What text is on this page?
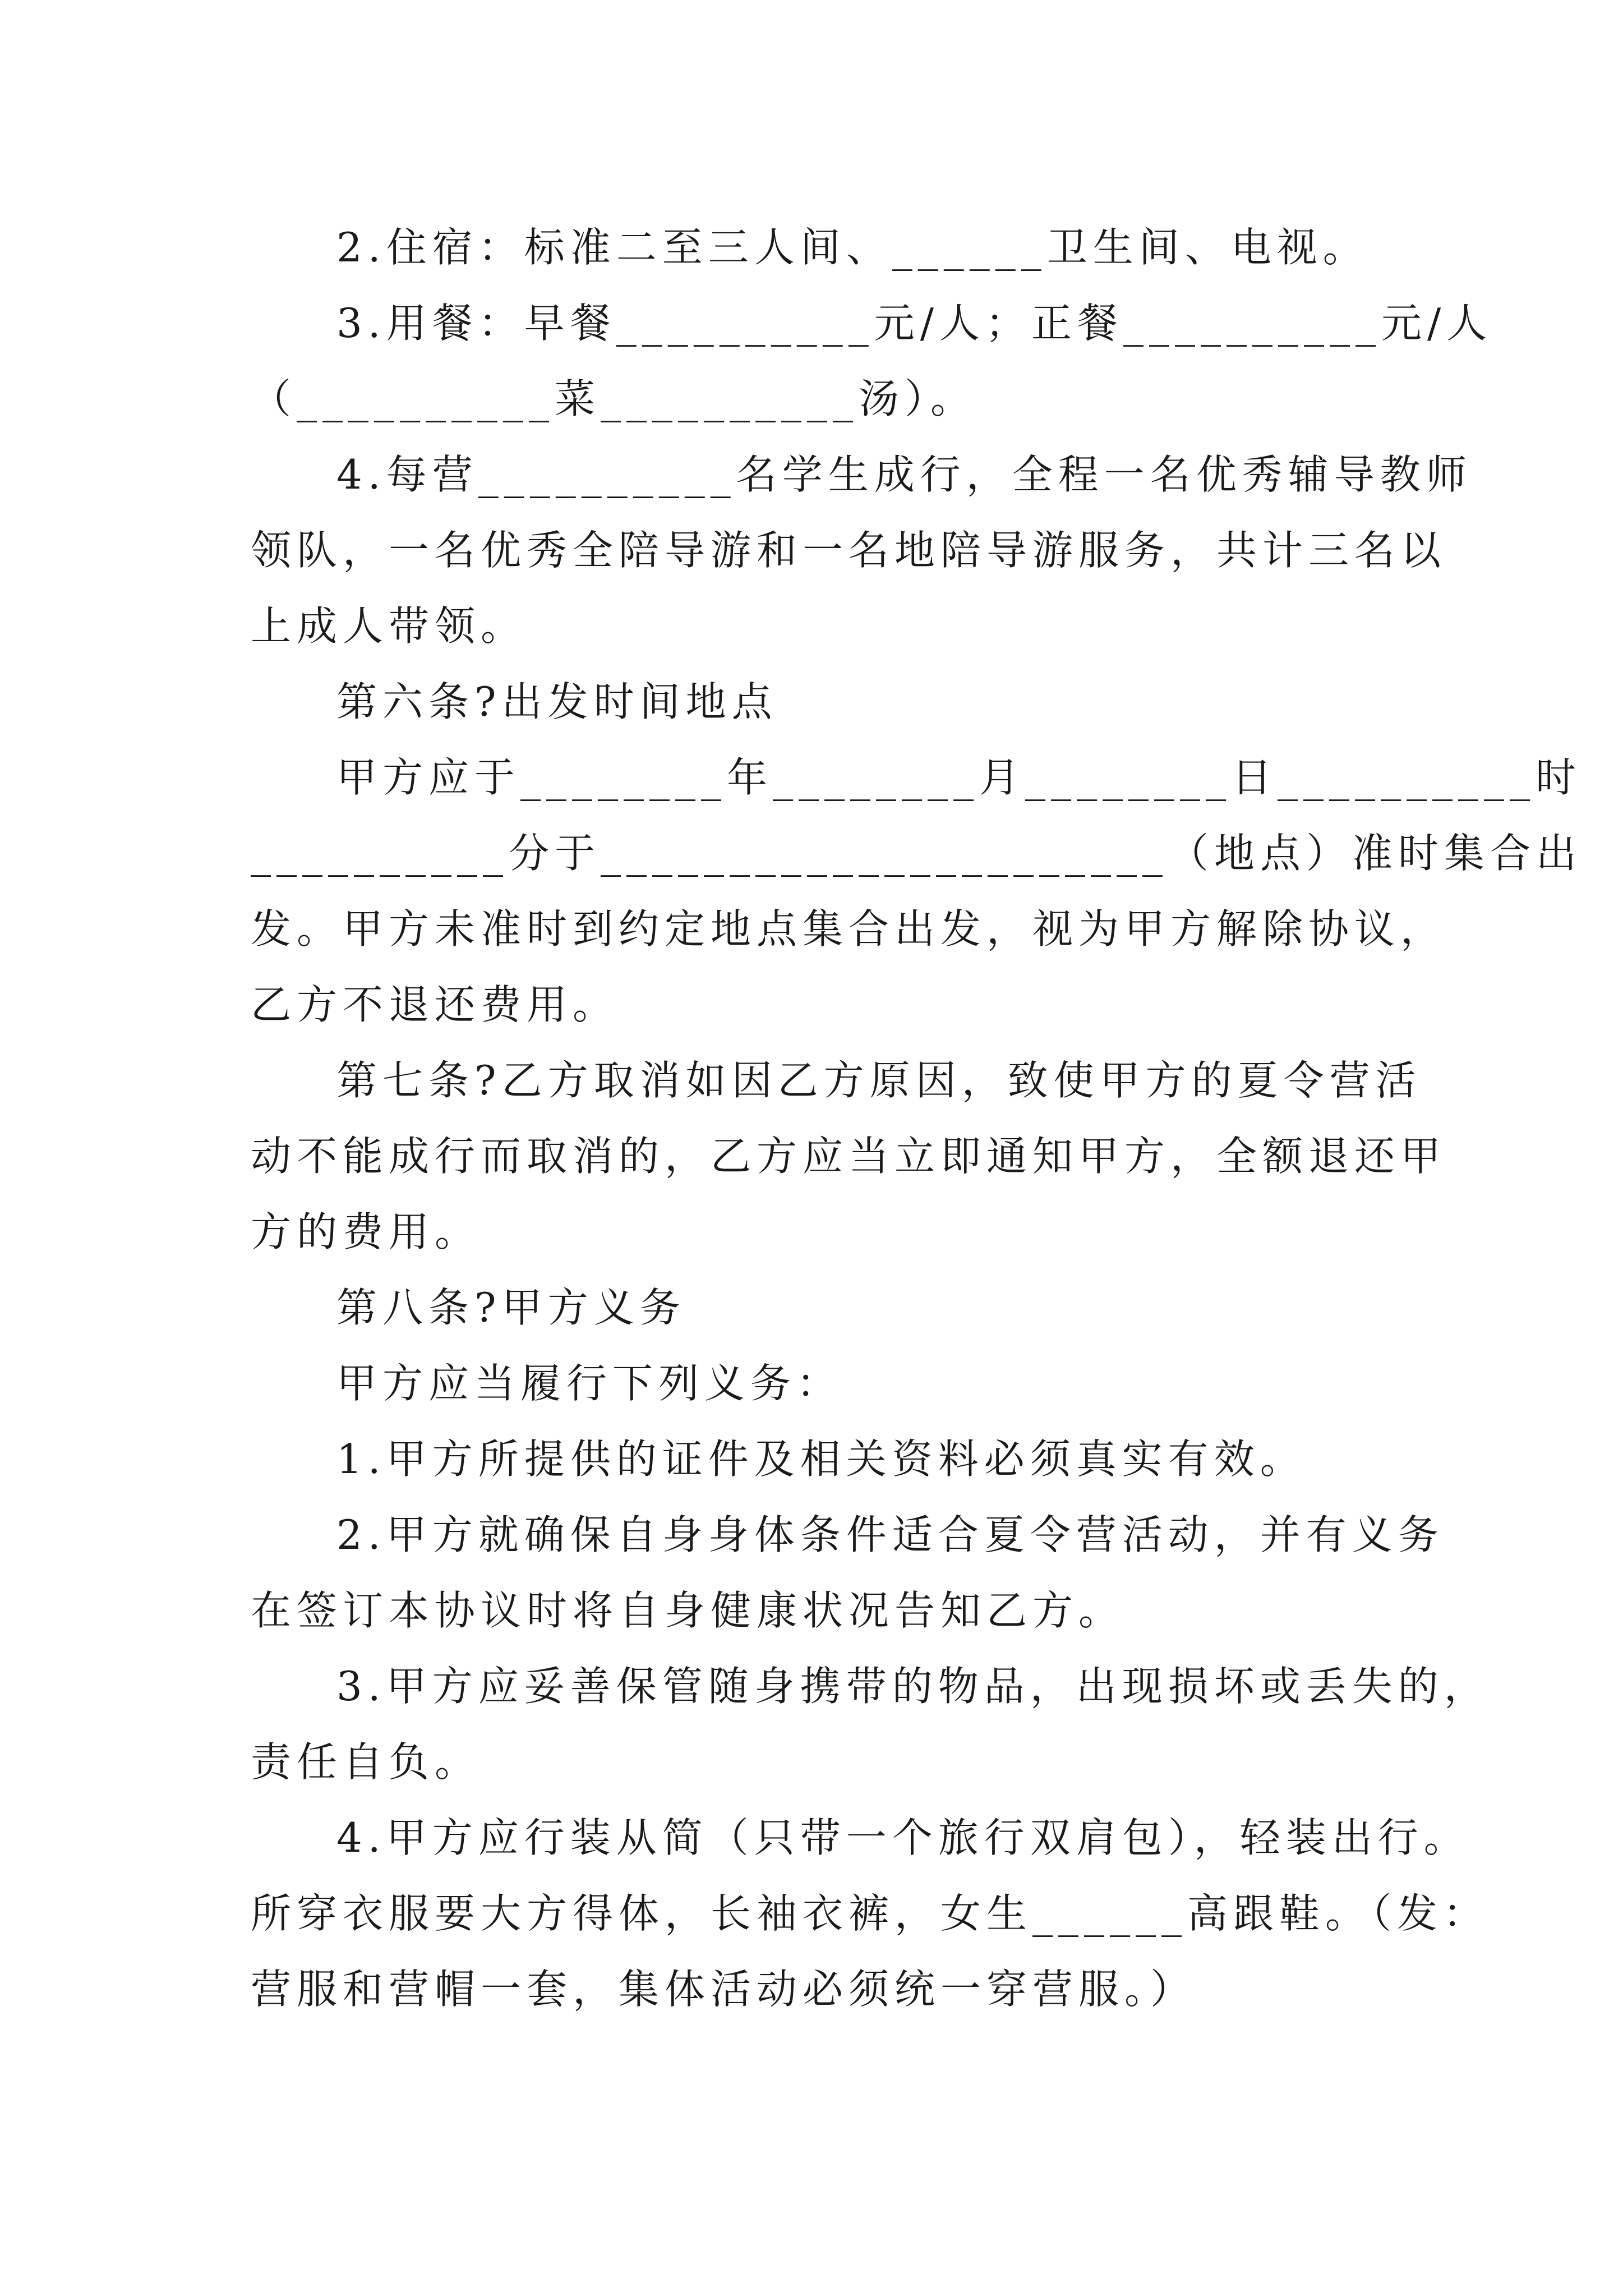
2.住宿：标准二至三人间、______卫生间、电视。
3.用餐：早餐__________元/人；正餐__________元/人
（__________菜__________汤）。
4.每营__________名学生成行，全程一名优秀辅导教师
领队，一名优秀全陪导游和一名地陪导游服务，共计三名以
上成人带领。
第六条?出发时间地点
甲方应于________年________月________日__________时
__________分于______________________（地点）准时集合出
发。甲方未准时到约定地点集合出发，视为甲方解除协议，
乙方不退还费用。
第七条?乙方取消如因乙方原因，致使甲方的夏令营活
动不能成行而取消的，乙方应当立即通知甲方，全额退还甲
方的费用。
第八条?甲方义务
甲方应当履行下列义务：
1.甲方所提供的证件及相关资料必须真实有效。
2.甲方就确保自身身体条件适合夏令营活动，并有义务
在签订本协议时将自身健康状况告知乙方。
3.甲方应妥善保管随身携带的物品，出现损坏或丢失的，
责任自负。
4.甲方应行装从简（只带一个旅行双肩包），轻装出行。
所穿衣服要大方得体，长袖衣裤，女生______高跟鞋。（发：
营服和营帽一套，集体活动必须统一穿营服。）
